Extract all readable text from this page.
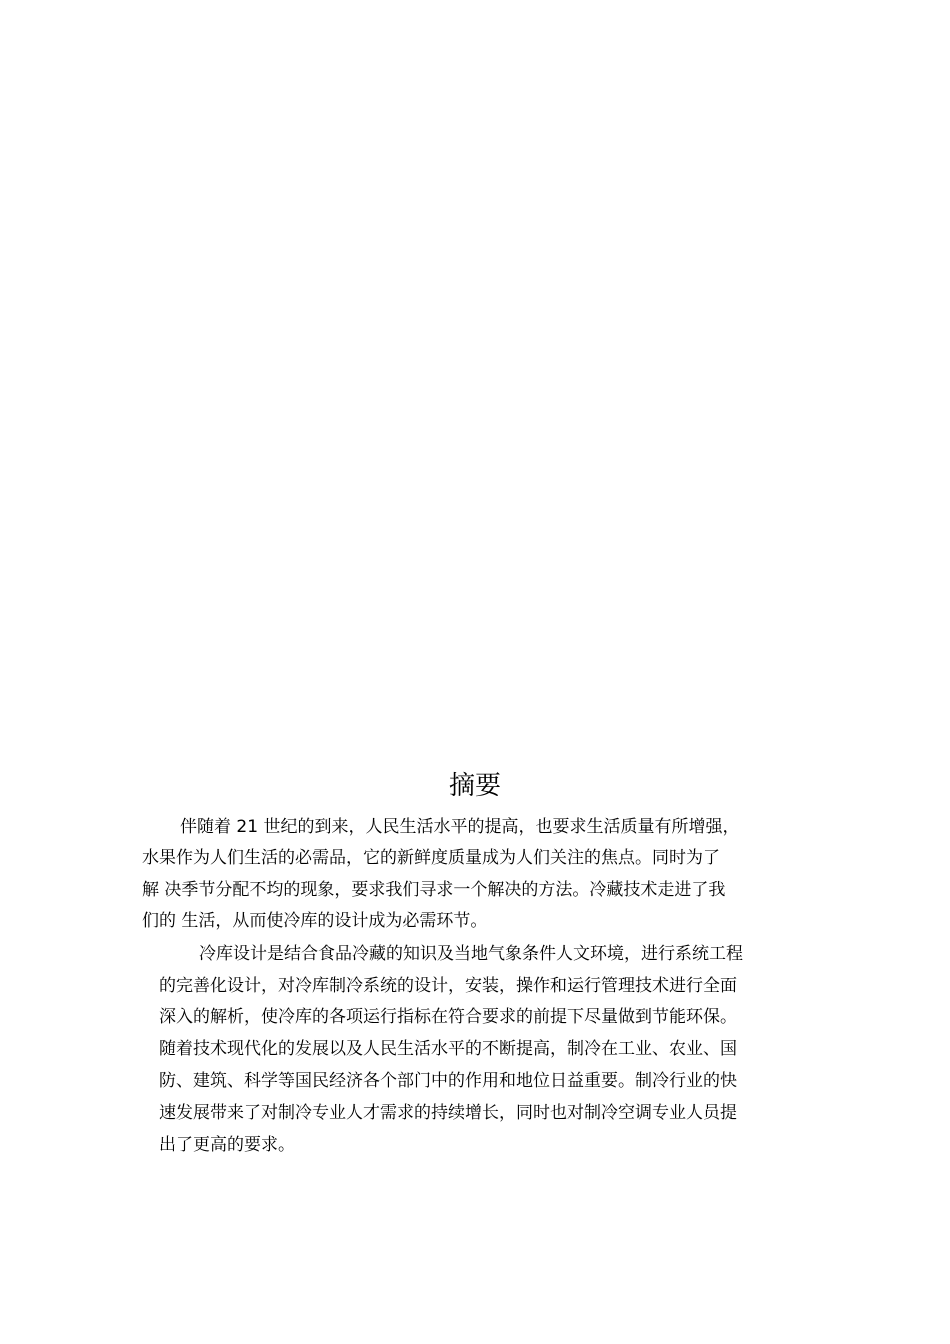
摘要

伴随着 21 世纪的到来，人民生活水平的提高，也要求生活质量有所增强，

水果作为人们生活的必需品，它的新鲜度质量成为人们关注的焦点。同时为了

解 决季节分配不均的现象，要求我们寻求一个解决的方法。冷藏技术走进了我

们的 生活，从而使冷库的设计成为必需环节。

冷库设计是结合食品冷藏的知识及当地气象条件人文环境，进行系统工程

的完善化设计，对冷库制冷系统的设计，安装，操作和运行管理技术进行全面

深入的解析，使冷库的各项运行指标在符合要求的前提下尽量做到节能环保。

随着技术现代化的发展以及人民生活水平的不断提高，制冷在工业、农业、国

防、建筑、科学等国民经济各个部门中的作用和地位日益重要。制冷行业的快

速发展带来了对制冷专业人才需求的持续增长，同时也对制冷空调专业人员提

出了更高的要求。
